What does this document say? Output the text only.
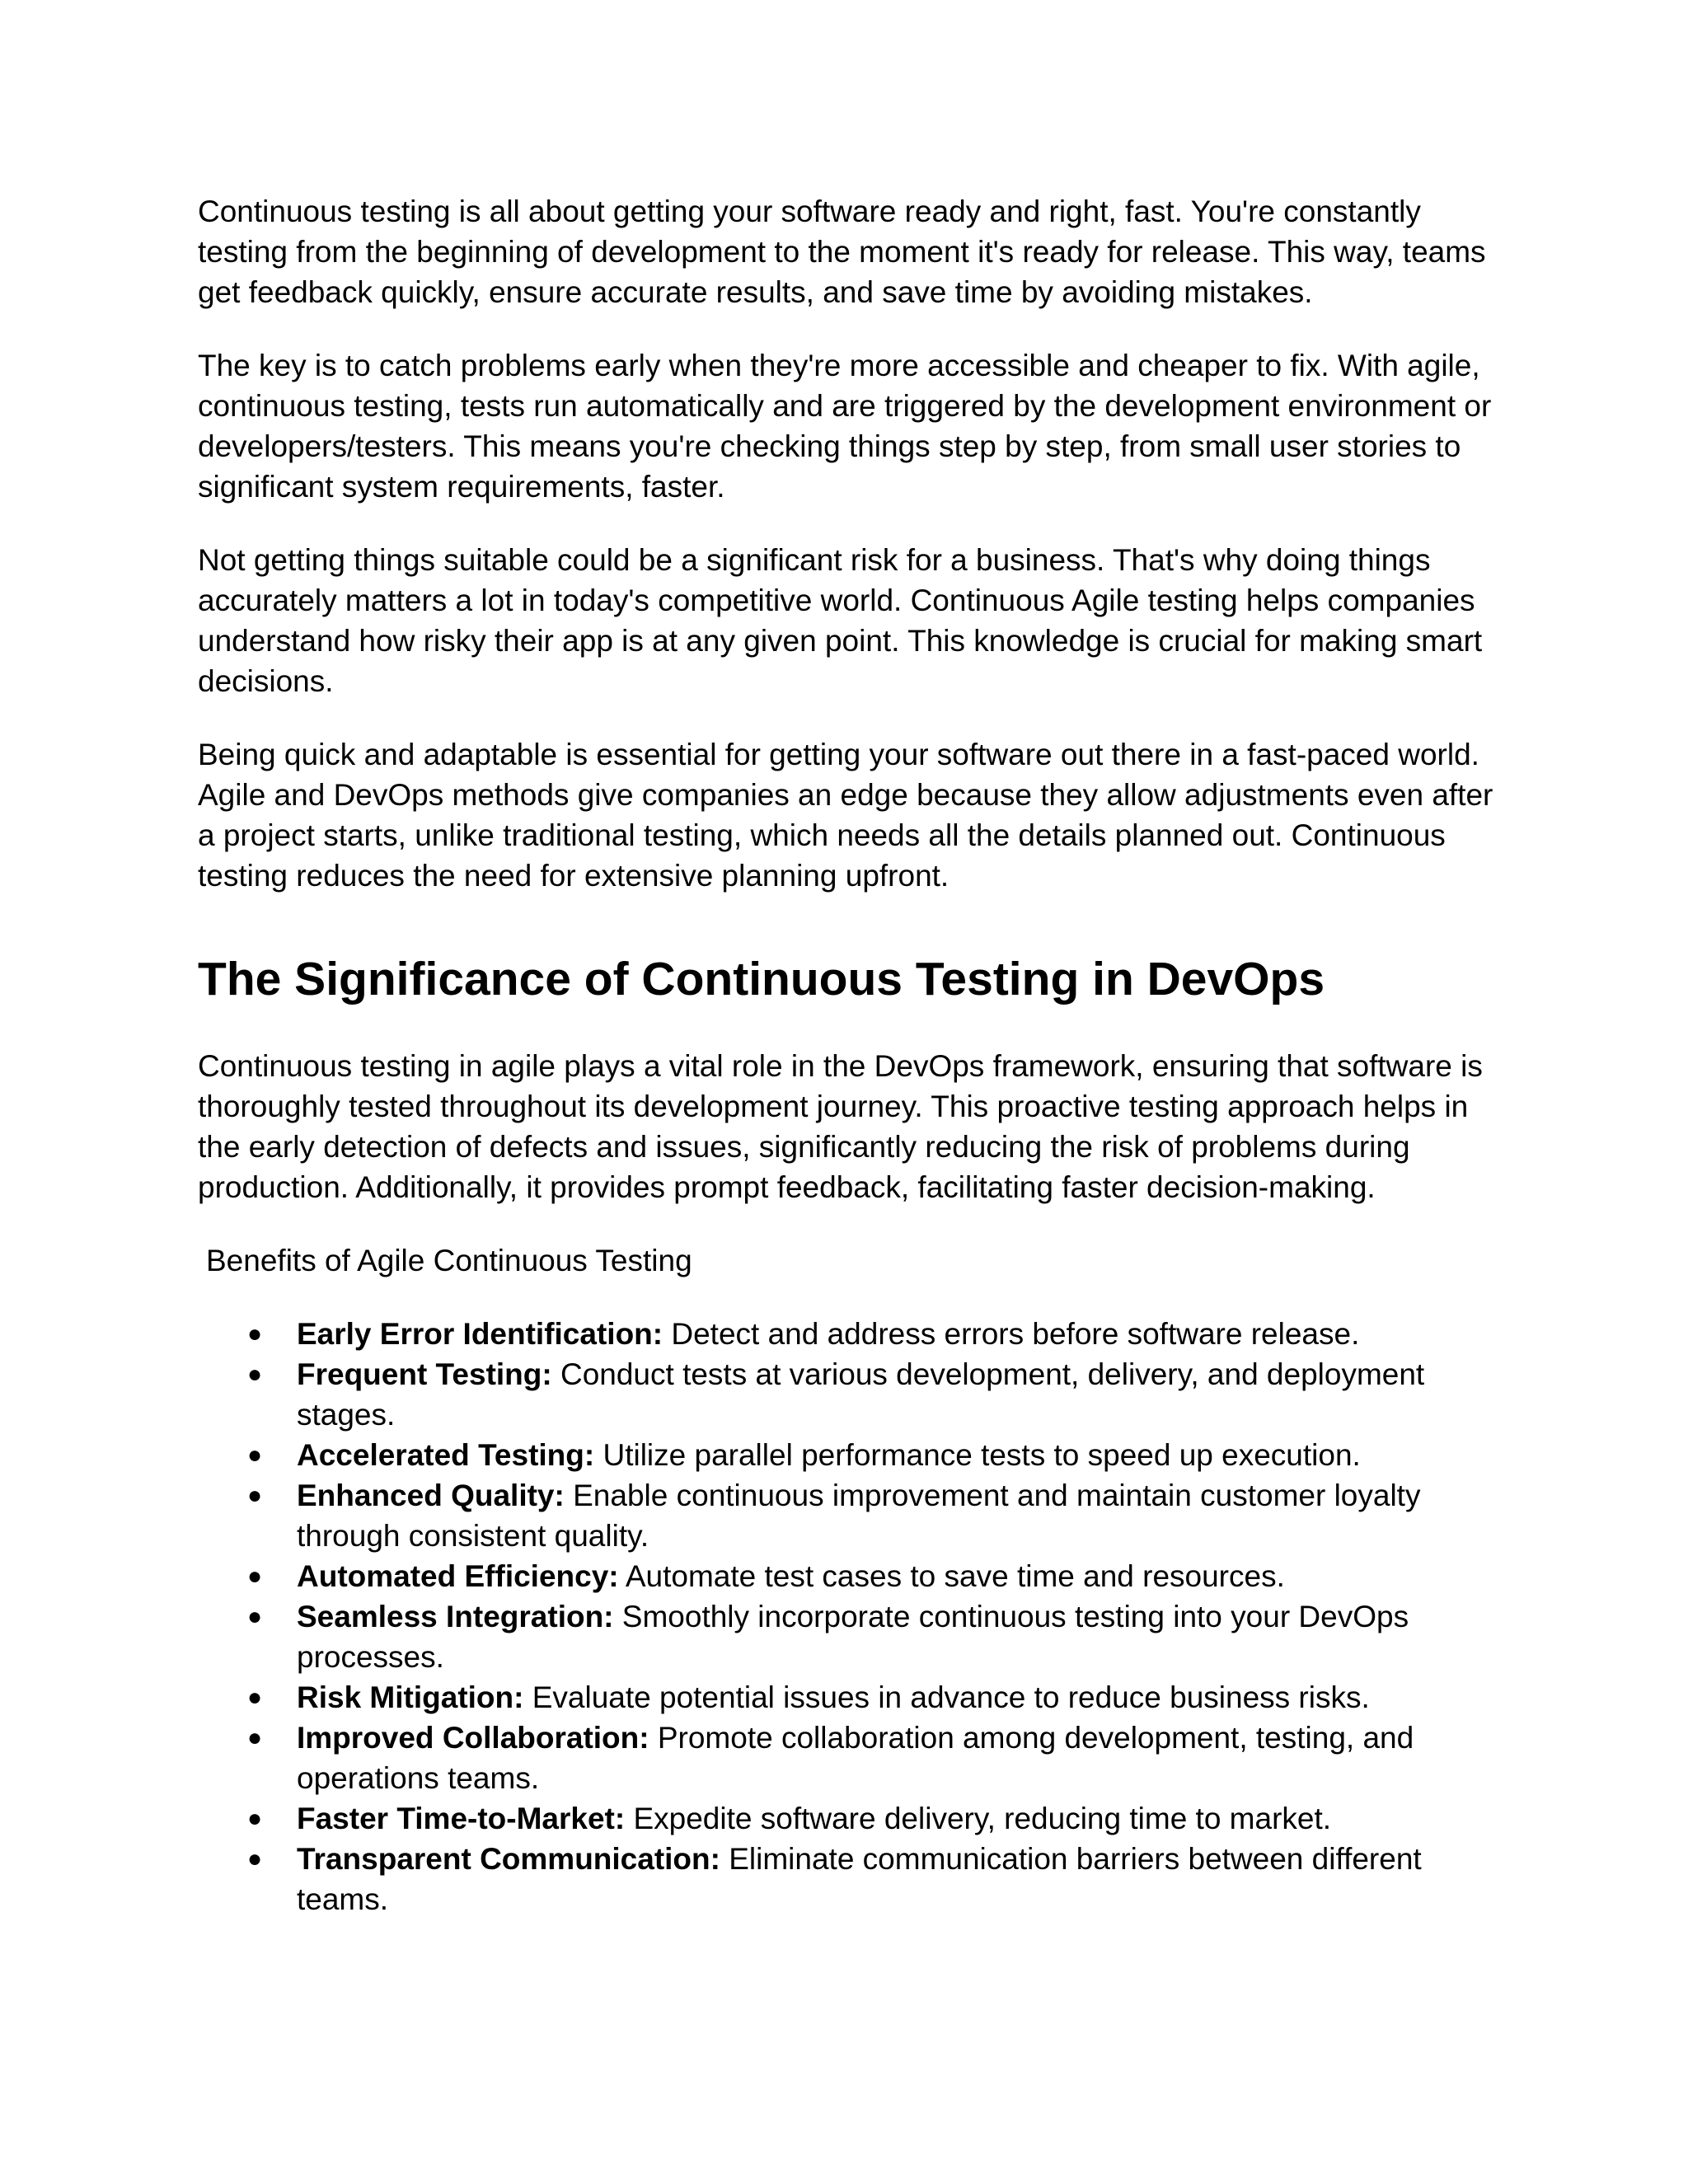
Continuous testing is all about getting your software ready and right, fast. You're constantly testing from the beginning of development to the moment it's ready for release. This way, teams get feedback quickly, ensure accurate results, and save time by avoiding mistakes.

The key is to catch problems early when they're more accessible and cheaper to fix. With agile, continuous testing, tests run automatically and are triggered by the development environment or developers/testers. This means you're checking things step by step, from small user stories to significant system requirements, faster.

Not getting things suitable could be a significant risk for a business. That's why doing things accurately matters a lot in today's competitive world. Continuous Agile testing helps companies understand how risky their app is at any given point. This knowledge is crucial for making smart decisions.

Being quick and adaptable is essential for getting your software out there in a fast-paced world. Agile and DevOps methods give companies an edge because they allow adjustments even after a project starts, unlike traditional testing, which needs all the details planned out. Continuous testing reduces the need for extensive planning upfront.

The Significance of Continuous Testing in DevOps

Continuous testing in agile plays a vital role in the DevOps framework, ensuring that software is thoroughly tested throughout its development journey. This proactive testing approach helps in the early detection of defects and issues, significantly reducing the risk of problems during production. Additionally, it provides prompt feedback, facilitating faster decision-making.

Benefits of Agile Continuous Testing

● Early Error Identification: Detect and address errors before software release.
● Frequent Testing: Conduct tests at various development, delivery, and deployment stages.
● Accelerated Testing: Utilize parallel performance tests to speed up execution.
● Enhanced Quality: Enable continuous improvement and maintain customer loyalty through consistent quality.
● Automated Efficiency: Automate test cases to save time and resources.
● Seamless Integration: Smoothly incorporate continuous testing into your DevOps processes.
● Risk Mitigation: Evaluate potential issues in advance to reduce business risks.
● Improved Collaboration: Promote collaboration among development, testing, and operations teams.
● Faster Time-to-Market: Expedite software delivery, reducing time to market.
● Transparent Communication: Eliminate communication barriers between different teams.
